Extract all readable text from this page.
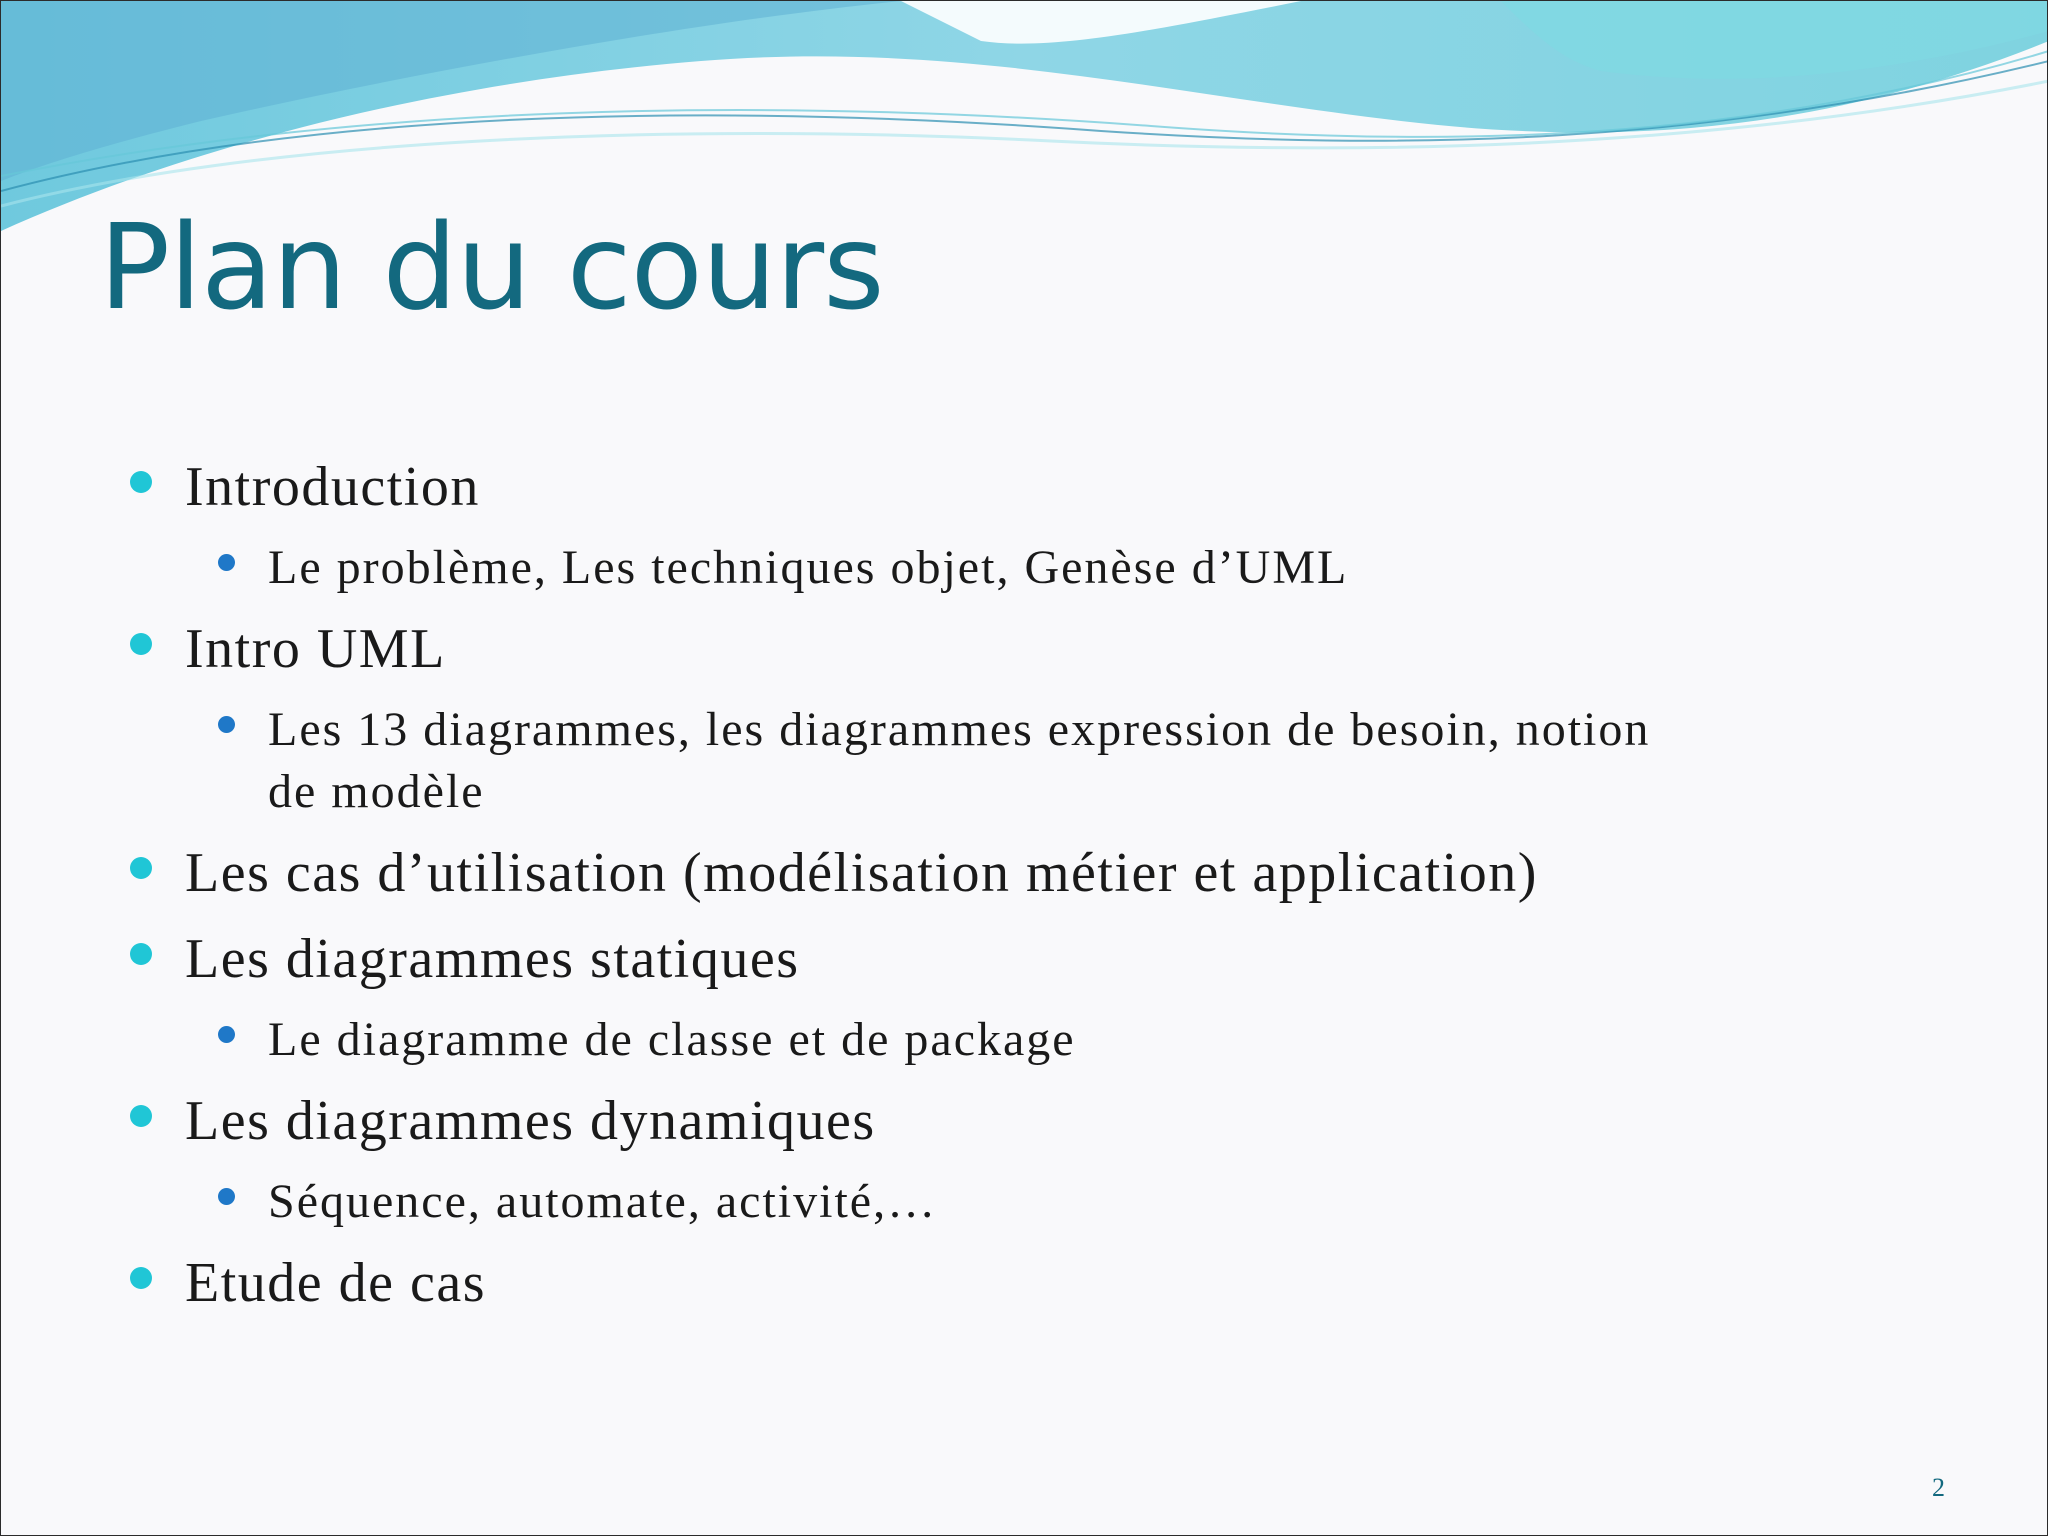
Plan du cours
Introduction
Le problème, Les techniques objet, Genèse d’UML
Intro UML
Les 13 diagrammes, les diagrammes expression de besoin, notion
de modèle
Les cas d’utilisation (modélisation métier et application)
Les diagrammes statiques
Le diagramme de classe et de package
Les diagrammes dynamiques
Séquence, automate, activité,…
Etude de cas
2
